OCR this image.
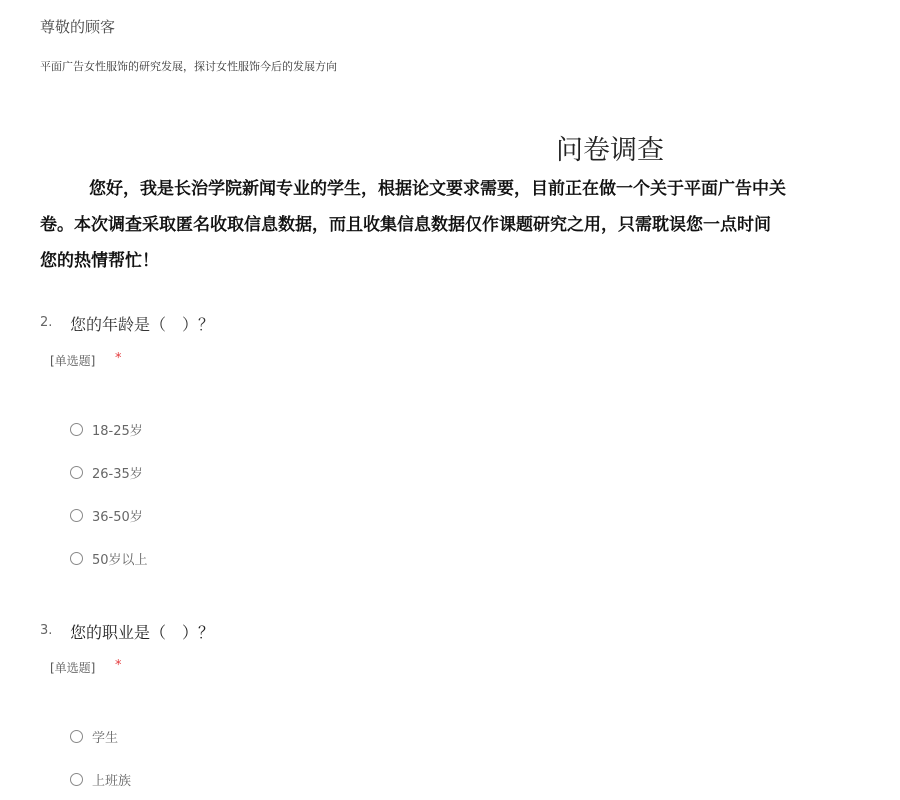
尊敬的顾客
平面广告女性服饰的研究发展，探讨女性服饰今后的发展方向
问卷调查
您好，我是长治学院新闻专业的学生，根据论文要求需要，目前正在做一个关于平面广告中关
卷。本次调查采取匿名收取信息数据，而且收集信息数据仅作课题研究之用，只需耽误您一点时间
您的热情帮忙！
2. 您的年龄是（　）？
[单选题] *
18-25岁
26-35岁
36-50岁
50岁以上
3. 您的职业是（　）？
[单选题] *
学生
上班族
